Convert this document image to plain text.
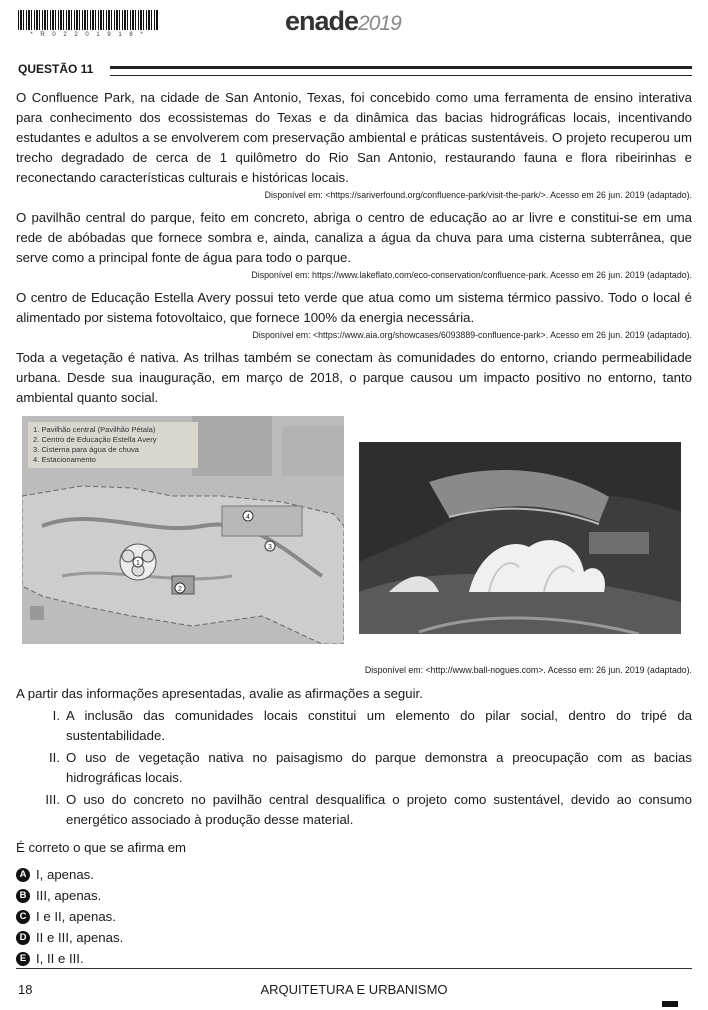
* R 0 2 2 0 1 9 1 8 *	enade2019
QUESTÃO 11

O Confluence Park, na cidade de San Antonio, Texas, foi concebido como uma ferramenta de ensino interativa para conhecimento dos ecossistemas do Texas e da dinâmica das bacias hidrográficas locais, incentivando estudantes e adultos a se envolverem com preservação ambiental e práticas sustentáveis. O projeto recuperou um trecho degradado de cerca de 1 quilômetro do Rio San Antonio, restaurando fauna e flora ribeirinhas e reconectando características culturais e históricas locais.

Disponível em: <https://sariverfound.org/confluence-park/visit-the-park/>. Acesso em 26 jun. 2019 (adaptado).

O pavilhão central do parque, feito em concreto, abriga o centro de educação ao ar livre e constitui-se em uma rede de abóbadas que fornece sombra e, ainda, canaliza a água da chuva para uma cisterna subterrânea, que serve como a principal fonte de água para todo o parque.

Disponível em: https://www.lakeflato.com/eco-conservation/confluence-park. Acesso em 26 jun. 2019 (adaptado).

O centro de Educação Estella Avery possui teto verde que atua como um sistema térmico passivo. Todo o local é alimentado por sistema fotovoltaico, que fornece 100% da energia necessária.

Disponível em: <https://www.aia.org/showcases/6093889-confluence-park>. Acesso em 26 jun. 2019 (adaptado).

Toda a vegetação é nativa. As trilhas também se conectam às comunidades do entorno, criando permeabilidade urbana. Desde sua inauguração, em março de 2018, o parque causou um impacto positivo no entorno, tanto ambiental quanto social.

1
2
3
4
1. Pavilhão central (Pavilhão Pétala)
2. Centro de Educação Estella Avery
3. Cisterna para água de chuva
4. Estacionamento
Disponível em: <http://www.ball-nogues.com>. Acesso em: 26 jun. 2019 (adaptado).

A partir das informações apresentadas, avalie as afirmações a seguir.

I. A inclusão das comunidades locais constitui um elemento do pilar social, dentro do tripé da sustentabilidade.
II. O uso de vegetação nativa no paisagismo do parque demonstra a preocupação com as bacias hidrográficas locais.
III. O uso do concreto no pavilhão central desqualifica o projeto como sustentável, devido ao consumo energético associado à produção desse material.

É correto o que se afirma em

A I, apenas.
B III, apenas.
C I e II, apenas.
D II e III, apenas.
E I, II e III.
18	ARQUITETURA E URBANISMO
